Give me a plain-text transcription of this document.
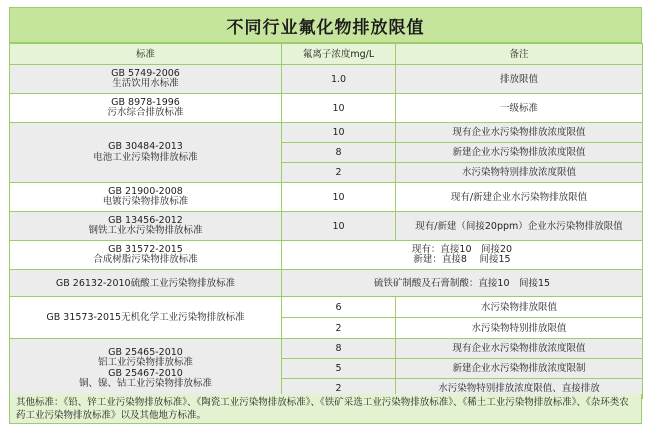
不同行业氟化物排放限值
标准	氟离子浓度mg/L	备注

GB 5749-2006
生活饮用水标准	1.0	排放限值

GB 8978-1996
污水综合排放标准	10	一级标准

GB 30484-2013
电池工业污染物排放标准	10	现有企业水污染物排放浓度限值
	8	新建企业水污染物排放浓度限值
	2	水污染物特别排放浓度限值

GB 21900-2008
电镀污染物排放标准	10	现有/新建企业水污染物排放限值

GB 13456-2012
钢铁工业水污染物排放标准	10	现有/新建（间接20ppm）企业水污染物排放限值

GB 31572-2015
合成树脂污染物排放标准	现有：直接10　间接20
新建：直接8　 间接15	

GB 26132-2010硫酸工业污染物排放标准	硫铁矿制酸及石膏制酸：直接10　间接15	
GB 31573-2015无机化学工业污染物排放标准	6	水污染物排放限值
	2	水污染物特别排放限值

GB 25465-2010
铝工业污染物排放标准
GB 25467-2010
铜、镍、钴工业污染物排放标准	8	现有企业水污染物排放浓度限值
	5	新建企业水污染物排放浓度限制
	2	水污染物特别排放浓度限值、直接排放
其他标准：《铅、锌工业污染物排放标准》、《陶瓷工业污染物排放标准》、《铁矿采选工业污染物排放标准》、《稀土工业污染物排放标准》、《杂环类农药工业污染物排放标准》以及其他地方标准。
